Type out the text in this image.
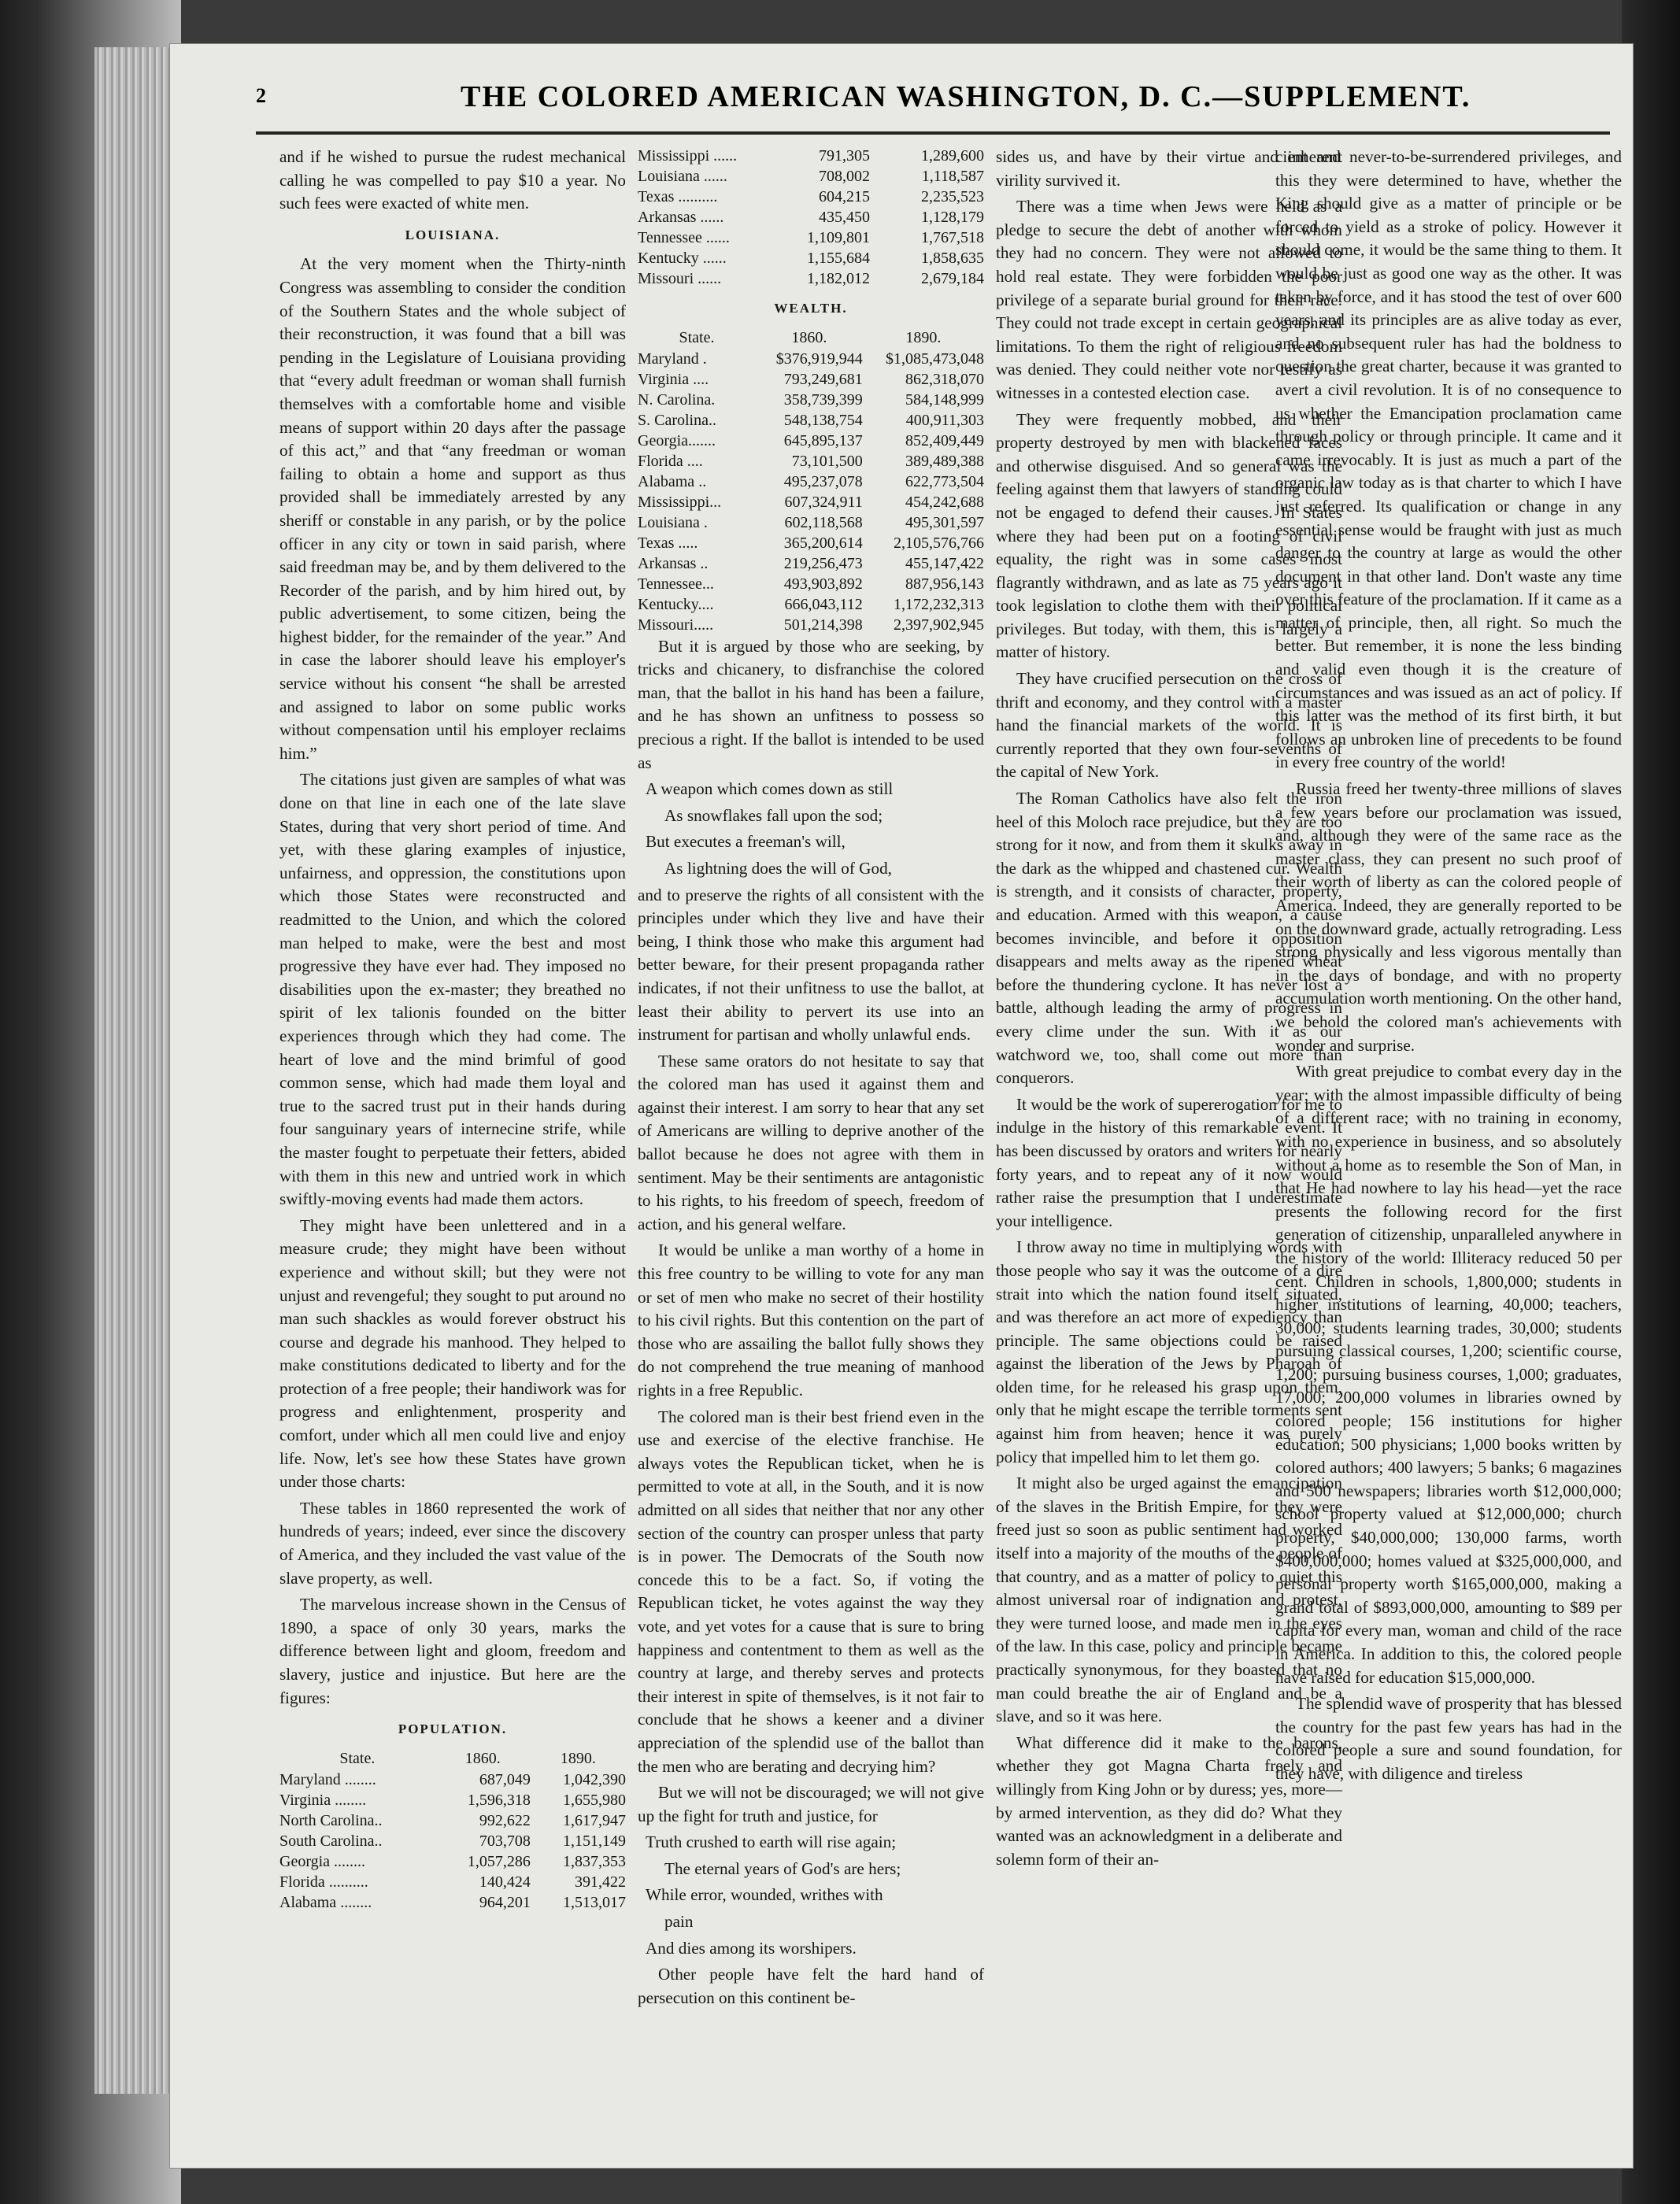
2	THE COLORED AMERICAN WASHINGTON, D. C.—SUPPLEMENT.

and if he wished to pursue the rudest mechanical calling he was compelled to pay $10 a year. No such fees were exacted of white men.

LOUISIANA.

At the very moment when the Thirty-ninth Congress was assembling to consider the condition of the Southern States and the whole subject of their reconstruction, it was found that a bill was pending in the Legislature of Louisiana providing that “every adult freedman or woman shall furnish themselves with a comfortable home and visible means of support within 20 days after the passage of this act,” and that “any freedman or woman failing to obtain a home and support as thus provided shall be immediately arrested by any sheriff or constable in any parish, or by the police officer in any city or town in said parish, where said freedman may be, and by them delivered to the Recorder of the parish, and by him hired out, by public advertisement, to some citizen, being the highest bidder, for the remainder of the year.” And in case the laborer should leave his employer's service without his consent “he shall be arrested and assigned to labor on some public works without compensation until his employer reclaims him.”

The citations just given are samples of what was done on that line in each one of the late slave States, during that very short period of time. And yet, with these glaring examples of injustice, unfairness, and oppression, the constitutions upon which those States were reconstructed and readmitted to the Union, and which the colored man helped to make, were the best and most progressive they have ever had. They imposed no disabilities upon the ex-master; they breathed no spirit of lex talionis founded on the bitter experiences through which they had come. The heart of love and the mind brimful of good common sense, which had made them loyal and true to the sacred trust put in their hands during four sanguinary years of internecine strife, while the master fought to perpetuate their fetters, abided with them in this new and untried work in which swiftly-moving events had made them actors.

They might have been unlettered and in a measure crude; they might have been without experience and without skill; but they were not unjust and revengeful; they sought to put around no man such shackles as would forever obstruct his course and degrade his manhood. They helped to make constitutions dedicated to liberty and for the protection of a free people; their handiwork was for progress and enlightenment, prosperity and comfort, under which all men could live and enjoy life. Now, let's see how these States have grown under those charts:

These tables in 1860 represented the work of hundreds of years; indeed, ever since the discovery of America, and they included the vast value of the slave property, as well.

The marvelous increase shown in the Census of 1890, a space of only 30 years, marks the difference between light and gloom, freedom and slavery, justice and injustice. But here are the figures:

POPULATION.
State.	1860.	1890.
Maryland ........	687,049	1,042,390
Virginia ........	1,596,318	1,655,980
North Carolina..	992,622	1,617,947
South Carolina..	703,708	1,151,149
Georgia ........	1,057,286	1,837,353
Florida ..........	140,424	391,422
Alabama ........	964,201	1,513,017
Mississippi ......	791,305	1,289,600
Louisiana ......	708,002	1,118,587
Texas ..........	604,215	2,235,523
Arkansas ......	435,450	1,128,179
Tennessee ......	1,109,801	1,767,518
Kentucky ......	1,155,684	1,858,635
Missouri ......	1,182,012	2,679,184
WEALTH.
State.	1860.	1890.
Maryland .	$376,919,944	$1,085,473,048
Virginia ....	793,249,681	862,318,070
N. Carolina.	358,739,399	584,148,999
S. Carolina..	548,138,754	400,911,303
Georgia.......	645,895,137	852,409,449
Florida ....	73,101,500	389,489,388
Alabama ..	495,237,078	622,773,504
Mississippi...	607,324,911	454,242,688
Louisiana .	602,118,568	495,301,597
Texas .....	365,200,614	2,105,576,766
Arkansas ..	219,256,473	455,147,422
Tennessee...	493,903,892	887,956,143
Kentucky....	666,043,112	1,172,232,313
Missouri.....	501,214,398	2,397,902,945

But it is argued by those who are seeking, by tricks and chicanery, to disfranchise the colored man, that the ballot in his hand has been a failure, and he has shown an unfitness to possess so precious a right. If the ballot is intended to be used as

A weapon which comes down as still

As snowflakes fall upon the sod;

But executes a freeman's will,

As lightning does the will of God,

and to preserve the rights of all consistent with the principles under which they live and have their being, I think those who make this argument had better beware, for their present propaganda rather indicates, if not their unfitness to use the ballot, at least their ability to pervert its use into an instrument for partisan and wholly unlawful ends.

These same orators do not hesitate to say that the colored man has used it against them and against their interest. I am sorry to hear that any set of Americans are willing to deprive another of the ballot because he does not agree with them in sentiment. May be their sentiments are antagonistic to his rights, to his freedom of speech, freedom of action, and his general welfare.

It would be unlike a man worthy of a home in this free country to be willing to vote for any man or set of men who make no secret of their hostility to his civil rights. But this contention on the part of those who are assailing the ballot fully shows they do not comprehend the true meaning of manhood rights in a free Republic.

The colored man is their best friend even in the use and exercise of the elective franchise. He always votes the Republican ticket, when he is permitted to vote at all, in the South, and it is now admitted on all sides that neither that nor any other section of the country can prosper unless that party is in power. The Democrats of the South now concede this to be a fact. So, if voting the Republican ticket, he votes against the way they vote, and yet votes for a cause that is sure to bring happiness and contentment to them as well as the country at large, and thereby serves and protects their interest in spite of themselves, is it not fair to conclude that he shows a keener and a diviner appreciation of the splendid use of the ballot than the men who are berating and decrying him?

But we will not be discouraged; we will not give up the fight for truth and justice, for

Truth crushed to earth will rise again;

The eternal years of God's are hers;

While error, wounded, writhes with

pain

And dies among its worshipers.

Other people have felt the hard hand of persecution on this continent be-

sides us, and have by their virtue and inherent virility survived it.

There was a time when Jews were held as a pledge to secure the debt of another with whom they had no concern. They were not allowed to hold real estate. They were forbidden the poor privilege of a separate burial ground for their race. They could not trade except in certain geographical limitations. To them the right of religious freedom was denied. They could neither vote nor testify as witnesses in a contested election case.

They were frequently mobbed, and their property destroyed by men with blackened faces and otherwise disguised. And so general was the feeling against them that lawyers of standing could not be engaged to defend their causes. In States where they had been put on a footing of civil equality, the right was in some cases most flagrantly withdrawn, and as late as 75 years ago it took legislation to clothe them with their political privileges. But today, with them, this is largely a matter of history.

They have crucified persecution on the cross of thrift and economy, and they control with a master hand the financial markets of the world. It is currently reported that they own four-sevenths of the capital of New York.

The Roman Catholics have also felt the iron heel of this Moloch race prejudice, but they are too strong for it now, and from them it skulks away in the dark as the whipped and chastened cur. Wealth is strength, and it consists of character, property, and education. Armed with this weapon, a cause becomes invincible, and before it opposition disappears and melts away as the ripened wheat before the thundering cyclone. It has never lost a battle, although leading the army of progress in every clime under the sun. With it as our watchword we, too, shall come out more than conquerors.

It would be the work of supererogation for me to indulge in the history of this remarkable event. It has been discussed by orators and writers for nearly forty years, and to repeat any of it now would rather raise the presumption that I underestimate your intelligence.

I throw away no time in multiplying words with those people who say it was the outcome of a dire strait into which the nation found itself situated, and was therefore an act more of expediency than principle. The same objections could be raised against the liberation of the Jews by Pharoah of olden time, for he released his grasp upon them, only that he might escape the terrible torments sent against him from heaven; hence it was purely policy that impelled him to let them go.

It might also be urged against the emancipation of the slaves in the British Empire, for they were freed just so soon as public sentiment had worked itself into a majority of the mouths of the people of that country, and as a matter of policy to quiet this almost universal roar of indignation and protest, they were turned loose, and made men in the eyes of the law. In this case, policy and principle became practically synonymous, for they boasted that no man could breathe the air of England and be a slave, and so it was here.

What difference did it make to the barons, whether they got Magna Charta freely and willingly from King John or by duress; yes, more—by armed intervention, as they did do? What they wanted was an acknowledgment in a deliberate and solemn form of their an-

cient and never-to-be-surrendered privileges, and this they were determined to have, whether the King should give as a matter of principle or be forced to yield as a stroke of policy. However it should come, it would be the same thing to them. It would be just as good one way as the other. It was taken by force, and it has stood the test of over 600 years, and its principles are as alive today as ever, and no subsequent ruler has had the boldness to question the great charter, because it was granted to avert a civil revolution. It is of no consequence to us whether the Emancipation proclamation came through policy or through principle. It came and it came irrevocably. It is just as much a part of the organic law today as is that charter to which I have just referred. Its qualification or change in any essential sense would be fraught with just as much danger to the country at large as would the other document in that other land. Don't waste any time over this feature of the proclamation. If it came as a matter of principle, then, all right. So much the better. But remember, it is none the less binding and valid even though it is the creature of circumstances and was issued as an act of policy. If this latter was the method of its first birth, it but follows an unbroken line of precedents to be found in every free country of the world!

Russia freed her twenty-three millions of slaves a few years before our proclamation was issued, and, although they were of the same race as the master class, they can present no such proof of their worth of liberty as can the colored people of America. Indeed, they are generally reported to be on the downward grade, actually retrograding. Less strong physically and less vigorous mentally than in the days of bondage, and with no property accumulation worth mentioning. On the other hand, we behold the colored man's achievements with wonder and surprise.

With great prejudice to combat every day in the year; with the almost impassible difficulty of being of a different race; with no training in economy, with no experience in business, and so absolutely without a home as to resemble the Son of Man, in that He had nowhere to lay his head—yet the race presents the following record for the first generation of citizenship, unparalleled anywhere in the history of the world: Illiteracy reduced 50 per cent. Children in schools, 1,800,000; students in higher institutions of learning, 40,000; teachers, 30,000; students learning trades, 30,000; students pursuing classical courses, 1,200; scientific course, 1,200; pursuing business courses, 1,000; graduates, 17,000; 200,000 volumes in libraries owned by colored people; 156 institutions for higher education; 500 physicians; 1,000 books written by colored authors; 400 lawyers; 5 banks; 6 magazines and 500 newspapers; libraries worth $12,000,000; school property valued at $12,000,000; church property, $40,000,000; 130,000 farms, worth $400,000,000; homes valued at $325,000,000, and personal property worth $165,000,000, making a grand total of $893,000,000, amounting to $89 per capita for every man, woman and child of the race in America. In addition to this, the colored people have raised for education $15,000,000.

The splendid wave of prosperity that has blessed the country for the past few years has had in the colored people a sure and sound foundation, for they have, with diligence and tireless
